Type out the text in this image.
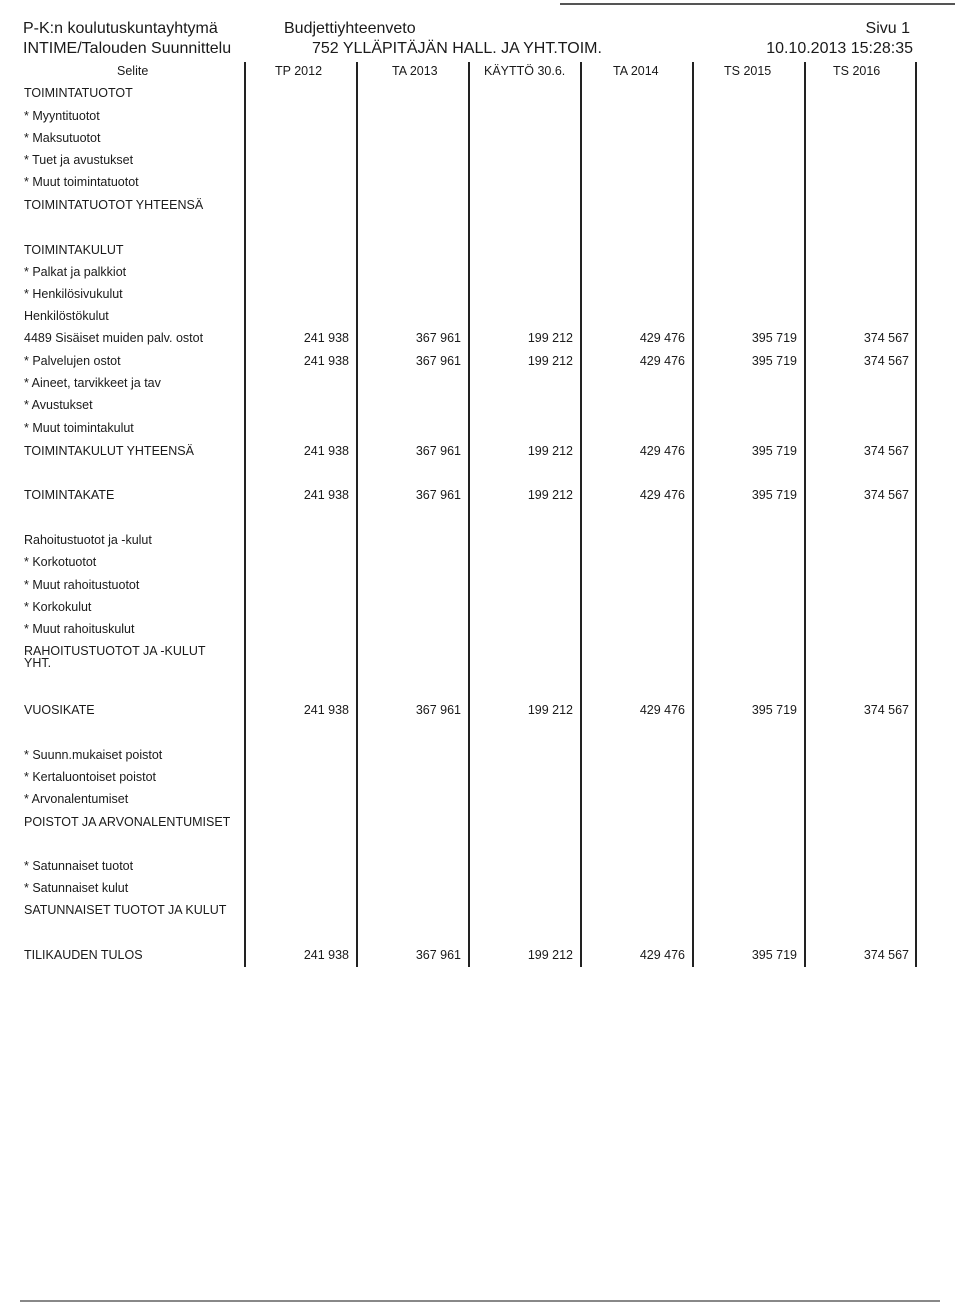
P-K:n koulutuskuntayhtymä
INTIME/Talouden Suunnittelu
Budjettiyhteenveto
752 YLLÄPITÄJÄN HALL. JA YHT.TOIM.
Sivu 1
10.10.2013 15:28:35
Selite	TP 2012	TA 2013	KÄYTTÖ 30.6.	TA 2014	TS 2015	TS 2016
TOIMINTATUOTOT
* Myyntituotot
* Maksutuotot
* Tuet ja avustukset
* Muut toimintatuotot
TOIMINTATUOTOT YHTEENSÄ
TOIMINTAKULUT
* Palkat ja palkkiot
* Henkilösivukulut
Henkilöstökulut
4489 Sisäiset muiden palv. ostot	241 938	367 961	199 212	429 476	395 719	374 567
* Palvelujen ostot	241 938	367 961	199 212	429 476	395 719	374 567
* Aineet, tarvikkeet ja tav
* Avustukset
* Muut toimintakulut
TOIMINTAKULUT YHTEENSÄ	241 938	367 961	199 212	429 476	395 719	374 567
TOIMINTAKATE	241 938	367 961	199 212	429 476	395 719	374 567
Rahoitustuotot ja -kulut
* Korkotuotot
* Muut rahoitustuotot
* Korkokulut
* Muut rahoituskulut
RAHOITUSTUOTOT JA -KULUT YHT.
VUOSIKATE	241 938	367 961	199 212	429 476	395 719	374 567
* Suunn.mukaiset poistot
* Kertaluontoiset poistot
* Arvonalentumiset
POISTOT JA ARVONALENTUMISET
* Satunnaiset tuotot
* Satunnaiset kulut
SATUNNAISET TUOTOT JA KULUT
TILIKAUDEN TULOS	241 938	367 961	199 212	429 476	395 719	374 567
